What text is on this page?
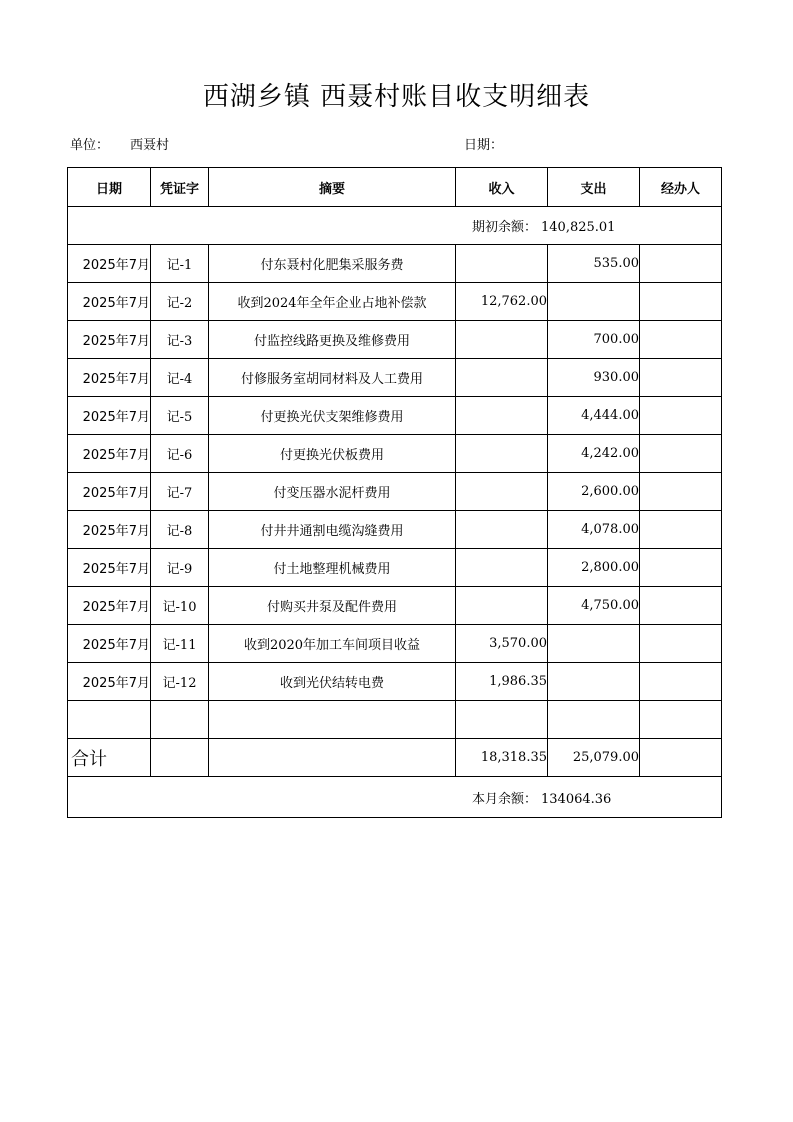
西湖乡镇 西聂村账目收支明细表
单位： 西聂村	日期：
日期	凭证字	摘要	收入	支出	经办人
期初余额： 140,825.01					
2025年7月	记-1	付东聂村化肥集采服务费		535.00	
2025年7月	记-2	收到2024年全年企业占地补偿款	12,762.00		
2025年7月	记-3	付监控线路更换及维修费用		700.00	
2025年7月	记-4	付修服务室胡同材料及人工费用		930.00	
2025年7月	记-5	付更换光伏支架维修费用		4,444.00	
2025年7月	记-6	付更换光伏板费用		4,242.00	
2025年7月	记-7	付变压器水泥杆费用		2,600.00	
2025年7月	记-8	付井井通割电缆沟缝费用		4,078.00	
2025年7月	记-9	付土地整理机械费用		2,800.00	
2025年7月	记-10	付购买井泵及配件费用		4,750.00	
2025年7月	记-11	收到2020年加工车间项目收益	3,570.00		
2025年7月	记-12	收到光伏结转电费	1,986.35		

合计			18,318.35	25,079.00	
本月余额： 134064.36					
